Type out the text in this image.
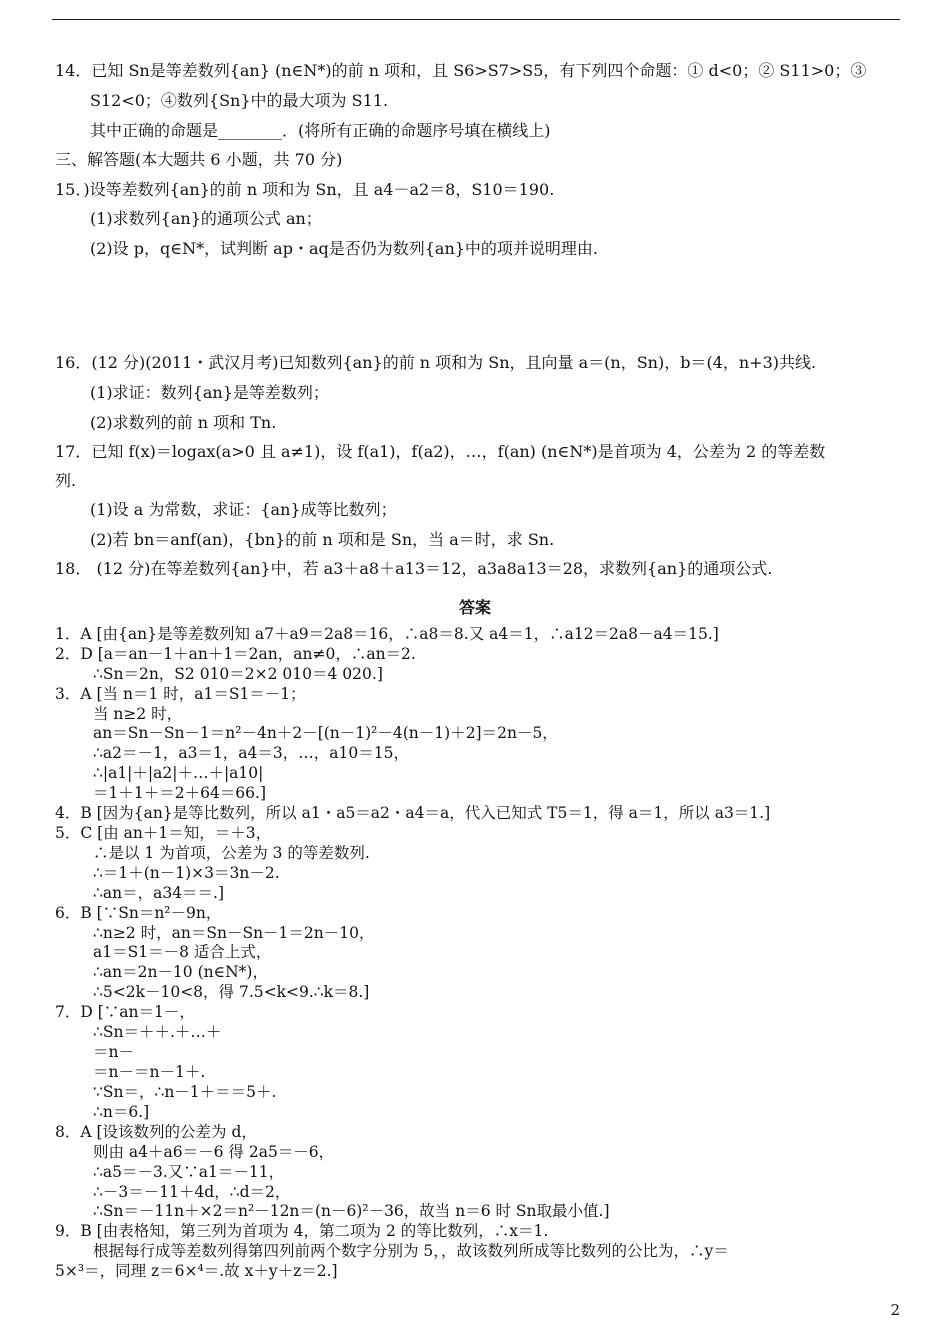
14．已知 Sn是等差数列{an} (n∈N*)的前 n 项和，且 S6>S7>S5，有下列四个命题：① d<0；② S11>0；③
S12<0；④数列{Sn}中的最大项为 S11.
其中正确的命题是________．(将所有正确的命题序号填在横线上)
三、解答题(本大题共 6 小题，共 70 分)
15．)设等差数列{an}的前 n 项和为 Sn，且 a4－a2＝8，S10＝190.
(1)求数列{an}的通项公式 an；
(2)设 p，q∈N*，试判断 ap・aq是否仍为数列{an}中的项并说明理由.
16．(12 分)(2011・武汉月考)已知数列{an}的前 n 项和为 Sn，且向量 a＝(n，Sn)，b＝(4，n+3)共线.
(1)求证：数列{an}是等差数列；
(2)求数列的前 n 项和 Tn.
17．已知 f(x)＝logax(a>0 且 a≠1)，设 f(a1)，f(a2)，…，f(an) (n∈N*)是首项为 4，公差为 2 的等差数
列.
(1)设 a 为常数，求证：{an}成等比数列；
(2)若 bn＝anf(an)，{bn}的前 n 项和是 Sn，当 a＝时，求 Sn.
18． (12 分)在等差数列{an}中，若 a3＋a8＋a13＝12，a3a8a13＝28，求数列{an}的通项公式.
答案
1．A [由{an}是等差数列知 a7＋a9＝2a8＝16，∴a8＝8.又 a4＝1，∴a12＝2a8－a4＝15.]
2．D [a＝an－1＋an＋1＝2an，an≠0，∴an＝2.
∴Sn＝2n，S2 010＝2×2 010＝4 020.]
3．A [当 n＝1 时，a1＝S1＝－1；
当 n≥2 时，
an＝Sn－Sn－1＝n²－4n＋2－[(n－1)²－4(n－1)＋2]＝2n－5，
∴a2＝－1，a3＝1，a4＝3，…，a10＝15，
∴|a1|＋|a2|＋…＋|a10|
＝1＋1＋＝2＋64＝66.]
4．B [因为{an}是等比数列，所以 a1・a5＝a2・a4＝a，代入已知式 T5＝1，得 a＝1，所以 a3＝1.]
5．C [由 an＋1＝知，＝＋3，
∴是以 1 为首项，公差为 3 的等差数列.
∴＝1＋(n－1)×3＝3n－2.
∴an＝，a34＝＝.]
6．B [∵Sn＝n²－9n，
∴n≥2 时，an＝Sn－Sn－1＝2n－10，
a1＝S1＝－8 适合上式，
∴an＝2n－10 (n∈N*)，
∴5<2k－10<8，得 7.5<k<9.∴k＝8.]
7．D [∵an＝1－，
∴Sn＝＋＋.＋…＋
＝n－
＝n－＝n－1＋.
∵Sn＝，∴n－1＋＝＝5＋.
∴n＝6.]
8．A [设该数列的公差为 d，
则由 a4＋a6＝－6 得 2a5＝－6，
∴a5＝－3.又∵a1＝－11，
∴－3＝－11＋4d，∴d＝2，
∴Sn＝－11n＋×2＝n²－12n＝(n－6)²－36，故当 n＝6 时 Sn取最小值.]
9．B [由表格知，第三列为首项为 4，第二项为 2 的等比数列，∴x＝1.
根据每行成等差数列得第四列前两个数字分别为 5，，故该数列所成等比数列的公比为，∴y＝
5×³＝，同理 z＝6×⁴＝.故 x＋y＋z＝2.]
2
